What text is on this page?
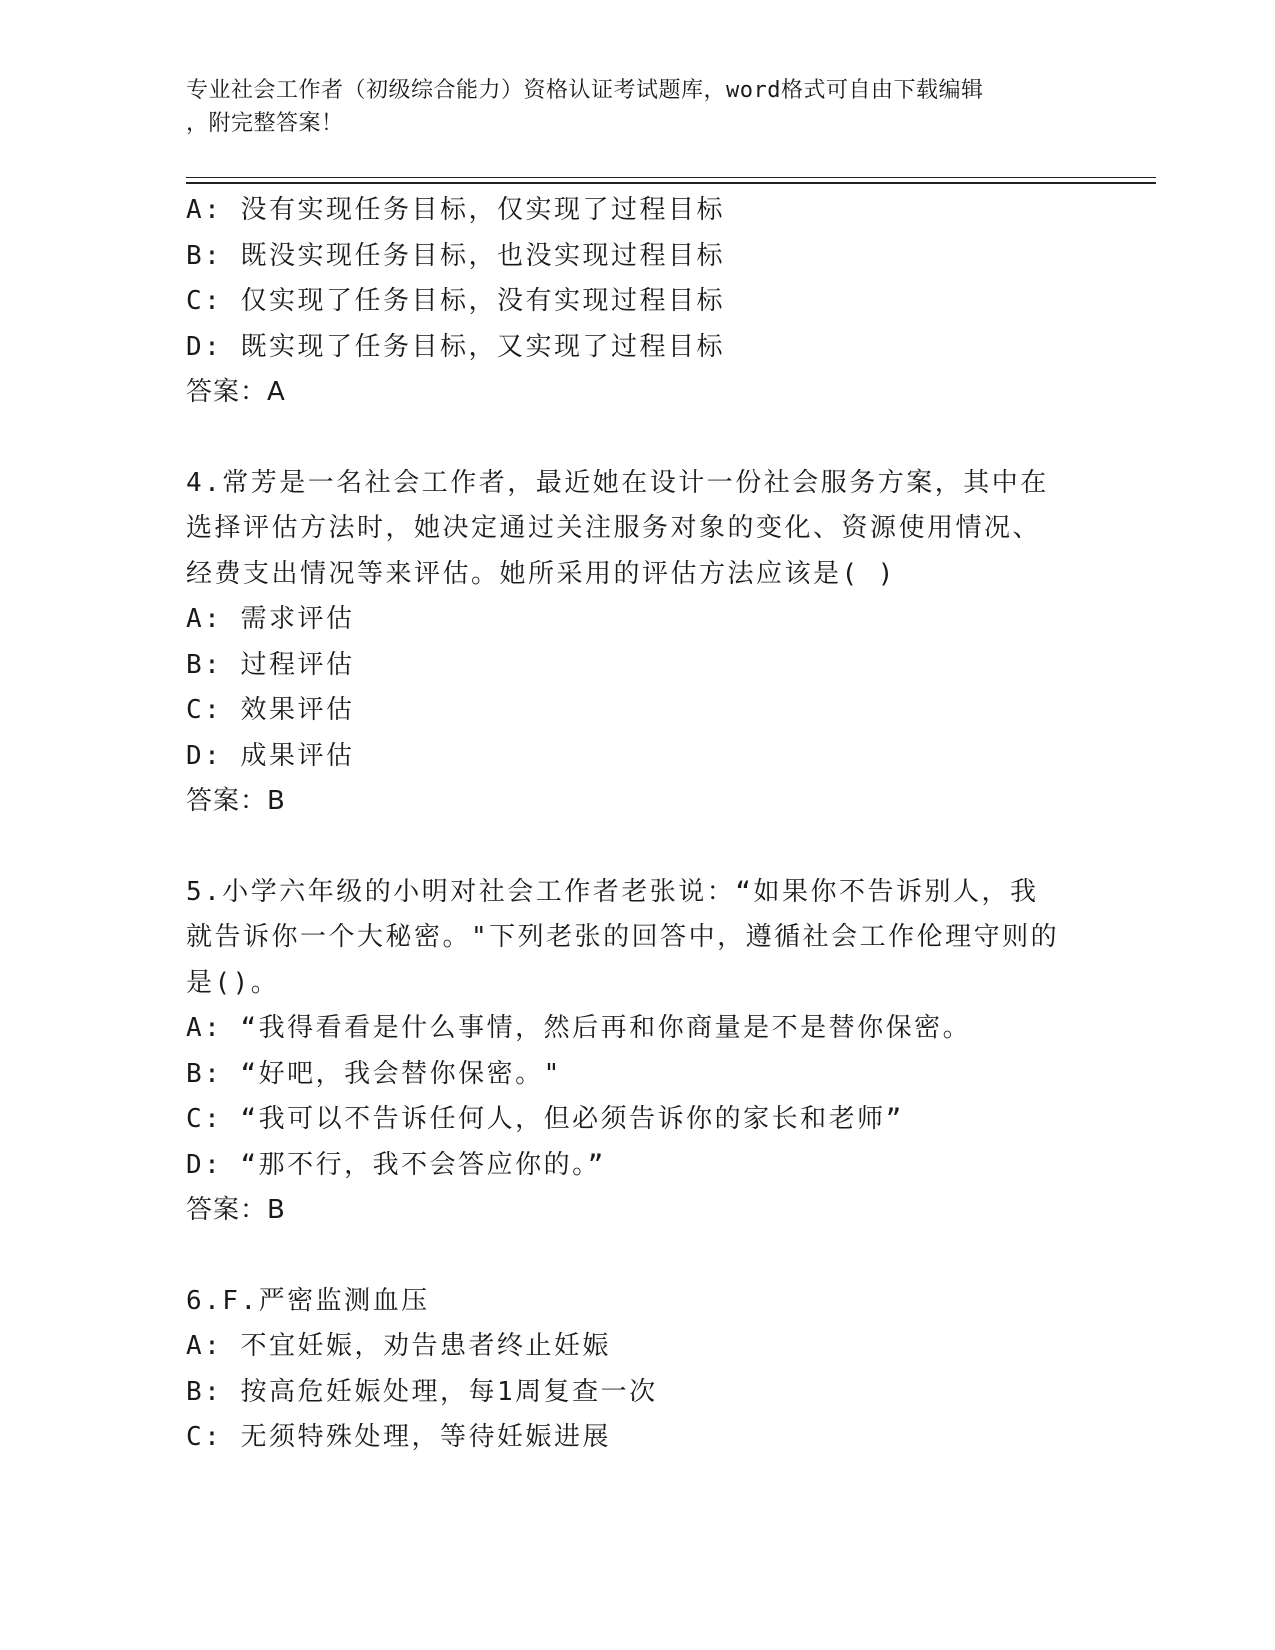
专业社会工作者（初级综合能力）资格认证考试题库，word格式可自由下载编辑
，附完整答案！
A: 没有实现任务目标，仅实现了过程目标
B: 既没实现任务目标，也没实现过程目标
C: 仅实现了任务目标，没有实现过程目标
D: 既实现了任务目标，又实现了过程目标
答案：A
4.常芳是一名社会工作者，最近她在设计一份社会服务方案，其中在
选择评估方法时，她决定通过关注服务对象的变化、资源使用情况、
经费支出情况等来评估。她所采用的评估方法应该是( )
A: 需求评估
B: 过程评估
C: 效果评估
D: 成果评估
答案：B
5.小学六年级的小明对社会工作者老张说：“如果你不告诉别人，我
就告诉你一个大秘密。"下列老张的回答中，遵循社会工作伦理守则的
是()。
A: “我得看看是什么事情，然后再和你商量是不是替你保密。
B: “好吧，我会替你保密。"
C: “我可以不告诉任何人，但必须告诉你的家长和老师”
D: “那不行，我不会答应你的。”
答案：B
6.F.严密监测血压
A: 不宜妊娠，劝告患者终止妊娠
B: 按高危妊娠处理，每1周复查一次
C: 无须特殊处理，等待妊娠进展
